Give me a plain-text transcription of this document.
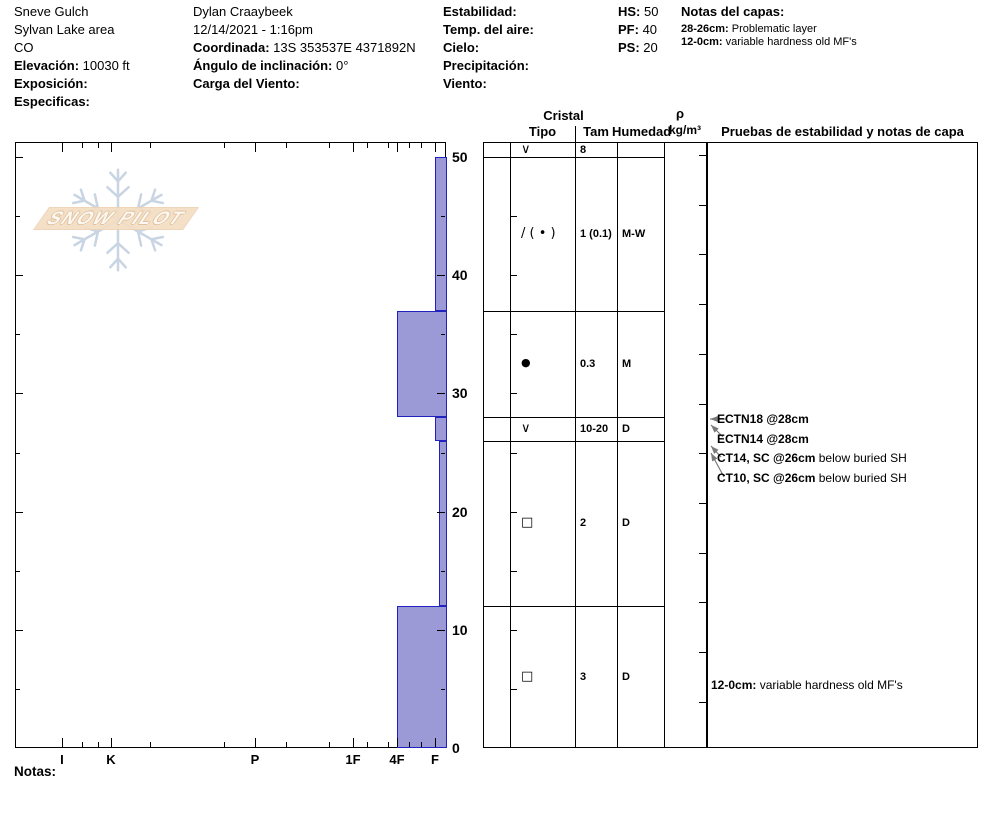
SNOW PILOT
Cristal
Tipo	Tam Humedad
ρ
kg/m³	Pruebas de estabilidad y notas de capa
Notas del capas:
Notas:
Sneve Gulch
Sylvan Lake area
CO
Elevación: 10030 ft
Exposición:
Especificas:
Dylan Craaybeek
12/14/2021 - 1:16pm
Coordinada: 13S 353537E 4371892N
Ángulo de inclinación: 0°
Carga del Viento:
Estabilidad:
Temp. del aire:
Cielo:
Precipitación:
Viento:
HS: 50
PF: 40
PS: 20
28-26cm: Problematic layer
12-0cm: variable hardness old MF's
50
40
30
20
10
0
I	K	P	1F	4F	F
∨	8
/ ( • ) 1 (0.1) M-W
●	0.3 M
∨	10-20 D
□	2	D
□	3	D
ECTN18 @28cm
ECTN14 @28cm
CT14, SC @26cm below buried SH
CT10, SC @26cm below buried SH
12-0cm: variable hardness old MF's
